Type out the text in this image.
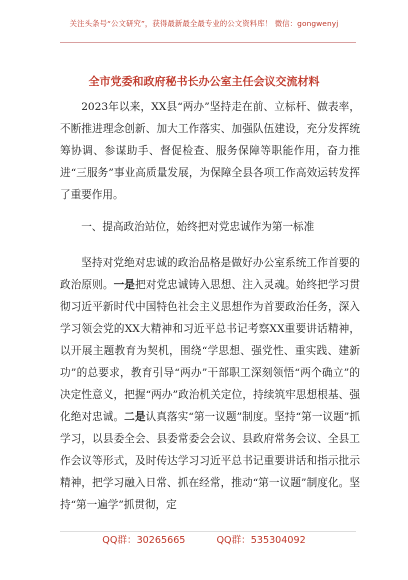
关注头条号“公文研究”，获得最新最全最专业的公文资料库！ 微信：gongwenyj
全市党委和政府秘书长办公室主任会议交流材料

2023年以来，XX县“两办”坚持走在前、立标杆、做表率，不断推进理念创新、加大工作落实、加强队伍建设，充分发挥统筹协调、参谋助手、督促检查、服务保障等职能作用，奋力推进“三服务”事业高质量发展，为保障全县各项工作高效运转发挥了重要作用。

一、提高政治站位，始终把对党忠诚作为第一标准

坚持对党绝对忠诚的政治品格是做好办公室系统工作首要的政治原则。一是把对党忠诚铸入思想、注入灵魂。始终把学习贯彻习近平新时代中国特色社会主义思想作为首要政治任务，深入学习领会党的XX大精神和习近平总书记考察XX重要讲话精神，以开展主题教育为契机，围绕“学思想、强党性、重实践、建新功”的总要求，教育引导“两办”干部职工深刻领悟“两个确立”的决定性意义，把握“两办”政治机关定位，持续筑牢思想根基、强化绝对忠诚。二是认真落实“第一议题”制度。坚持“第一议题”抓学习，以县委全会、县委常委会会议、县政府常务会议、全县工作会议等形式，及时传达学习习近平总书记重要讲话和指示批示精神，把学习融入日常、抓在经常，推动“第一议题”制度化。坚持“第一遍学”抓贯彻，定

QQ群：30265665	QQ群：535304092
